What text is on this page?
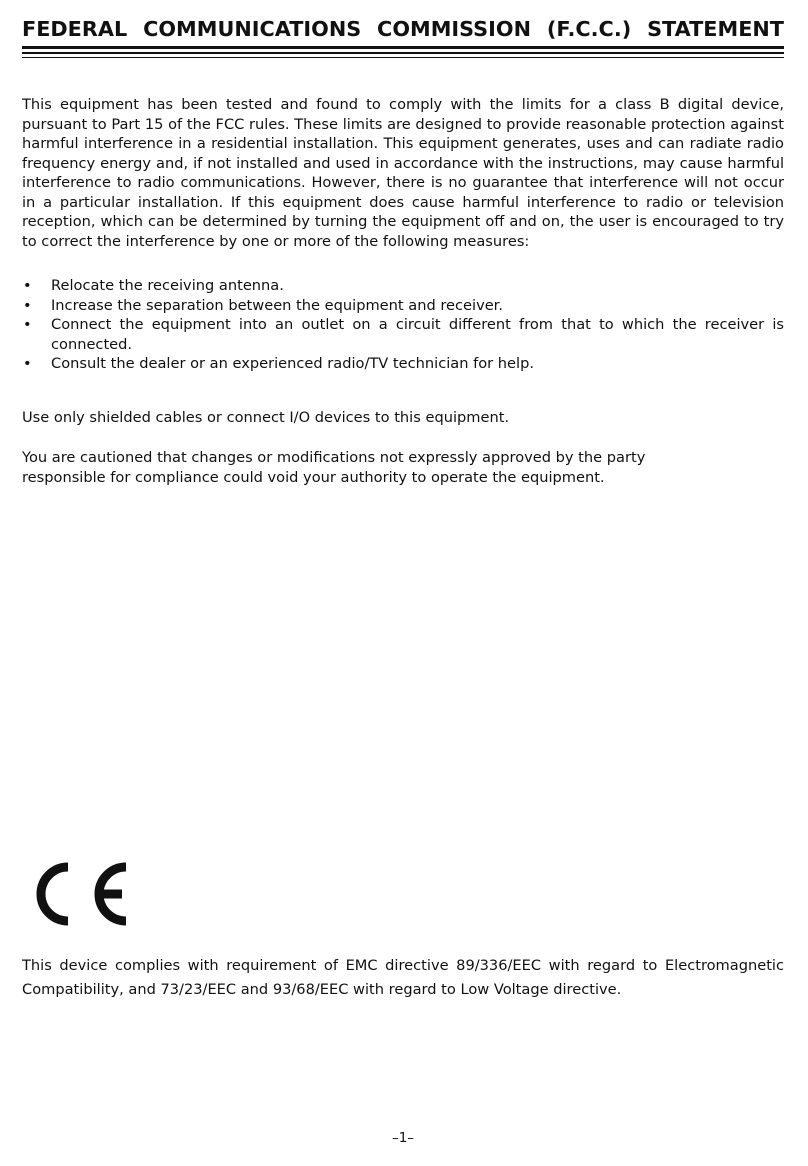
FEDERAL COMMUNICATIONS COMMISSION (F.C.C.) STATEMENT

This equipment has been tested and found to comply with the limits for a class B digital device, pursuant to Part 15 of the FCC rules. These limits are designed to provide reasonable protection against harmful interference in a residential installation. This equipment generates, uses and can radiate radio frequency energy and, if not installed and used in accordance with the instructions, may cause harmful interference to radio communications. However, there is no guarantee that interference will not occur in a particular installation. If this equipment does cause harmful interference to radio or television reception, which can be determined by turning the equipment off and on, the user is encouraged to try to correct the interference by one or more of the following measures:

• Relocate the receiving antenna.
• Increase the separation between the equipment and receiver.
• Connect the equipment into an outlet on a circuit different from that to which the receiver is connected.
• Consult the dealer or an experienced radio/TV technician for help.

Use only shielded cables or connect I/O devices to this equipment.

You are cautioned that changes or modifications not expressly approved by the party responsible for compliance could void your authority to operate the equipment.

This device complies with requirement of EMC directive 89/336/EEC with regard to Electromagnetic Compatibility, and 73/23/EEC and 93/68/EEC with regard to Low Voltage directive.

–1–
